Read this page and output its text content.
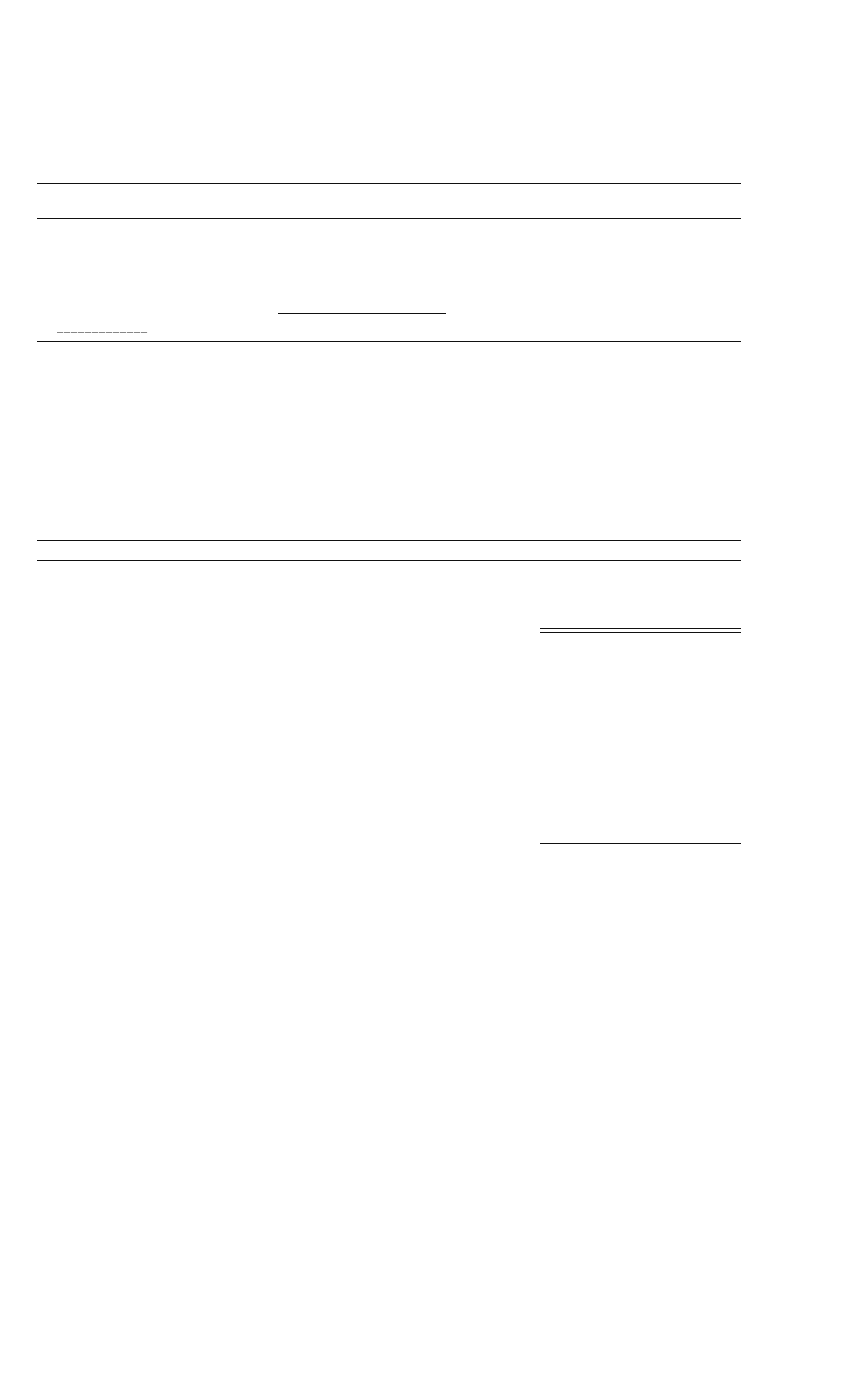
_____________
